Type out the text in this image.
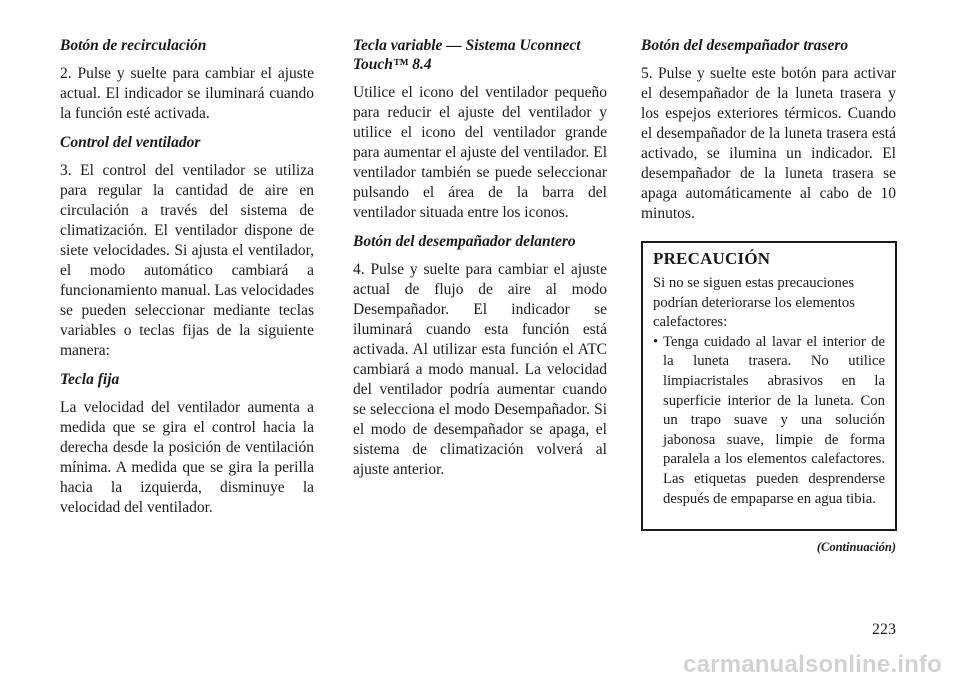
Botón de recirculación

2. Pulse y suelte para cambiar el ajuste actual. El indicador se iluminará cuando la función esté activada.

Control del ventilador

3. El control del ventilador se utiliza para regular la cantidad de aire en circulación a través del sistema de climatización. El ventilador dispone de siete velocidades. Si ajusta el ventilador, el modo automático cambiará a funcionamiento manual. Las velocidades se pueden seleccionar mediante teclas variables o teclas fijas de la siguiente manera:

Tecla fija

La velocidad del ventilador aumenta a medida que se gira el control hacia la derecha desde la posición de ventilación mínima. A medida que se gira la perilla hacia la izquierda, disminuye la velocidad del ventilador.

Tecla variable — Sistema Uconnect Touch™ 8.4

Utilice el icono del ventilador pequeño para reducir el ajuste del ventilador y utilice el icono del ventilador grande para aumentar el ajuste del ventilador. El ventilador también se puede seleccionar pulsando el área de la barra del ventilador situada entre los iconos.

Botón del desempañador delantero

4. Pulse y suelte para cambiar el ajuste actual de flujo de aire al modo Desempañador. El indicador se iluminará cuando esta función está activada. Al utilizar esta función el ATC cambiará a modo manual. La velocidad del ventilador podría aumentar cuando se selecciona el modo Desempañador. Si el modo de desempañador se apaga, el sistema de climatización volverá al ajuste anterior.

Botón del desempañador trasero

5. Pulse y suelte este botón para activar el desempañador de la luneta trasera y los espejos exteriores térmicos. Cuando el desempañador de la luneta trasera está activado, se ilumina un indicador. El desempañador de la luneta trasera se apaga automáticamente al cabo de 10 minutos.

PRECAUCIÓN

Si no se siguen estas precauciones podrían deteriorarse los elementos calefactores:

• Tenga cuidado al lavar el interior de la luneta trasera. No utilice limpiacristales abrasivos en la superficie interior de la luneta. Con un trapo suave y una solución jabonosa suave, limpie de forma paralela a los elementos calefactores. Las etiquetas pueden desprenderse después de empaparse en agua tibia.
(Continuación)
223
carmanualsonline.info
